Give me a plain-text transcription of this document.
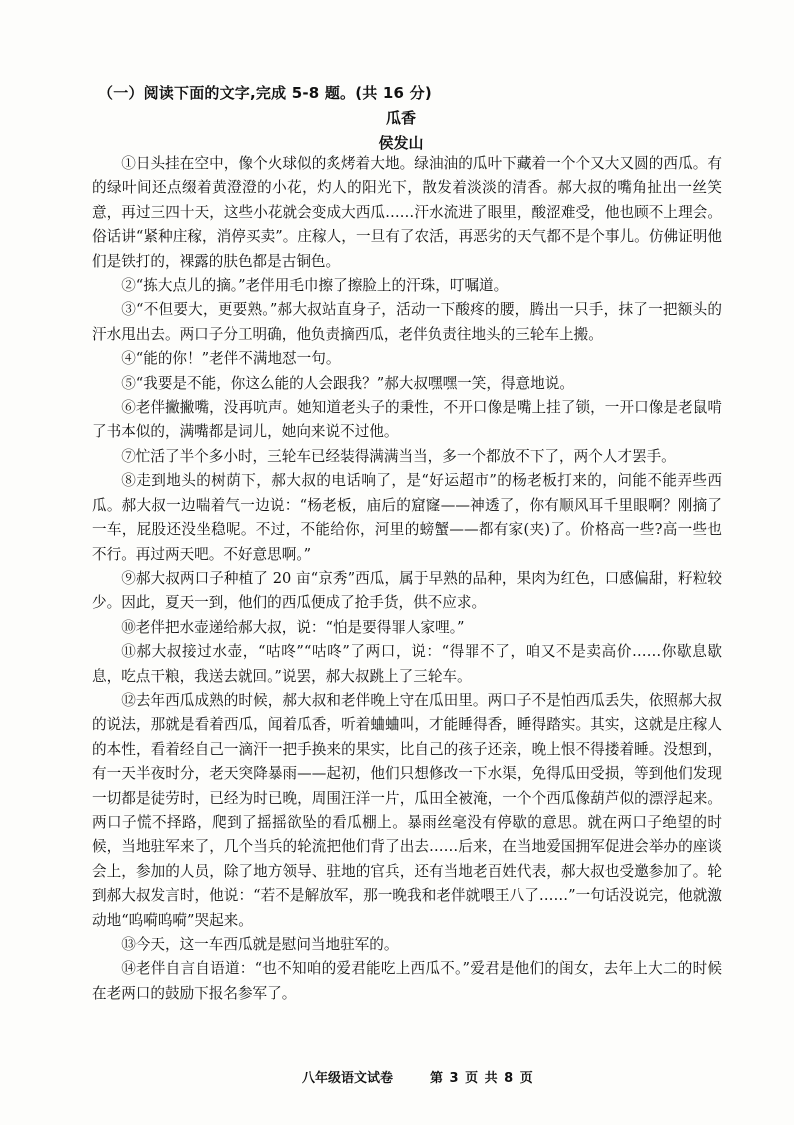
（一）阅读下面的文字,完成 5-8 题。(共 16 分)
瓜香
侯发山

①日头挂在空中，像个火球似的炙烤着大地。绿油油的瓜叶下藏着一个个又大又圆的西瓜。有的绿叶间还点缀着黄澄澄的小花，灼人的阳光下，散发着淡淡的清香。郝大叔的嘴角扯出一丝笑意，再过三四十天，这些小花就会变成大西瓜……汗水流进了眼里，酸涩难受，他也顾不上理会。俗话讲“紧种庄稼，消停买卖”。庄稼人，一旦有了农活，再恶劣的天气都不是个事儿。仿佛证明他们是铁打的，裸露的肤色都是古铜色。

②“拣大点儿的摘。”老伴用毛巾擦了擦脸上的汗珠，叮嘱道。

③“不但要大，更要熟。”郝大叔站直身子，活动一下酸疼的腰，腾出一只手，抹了一把额头的汗水甩出去。两口子分工明确，他负责摘西瓜，老伴负责往地头的三轮车上搬。

④“能的你！”老伴不满地怼一句。

⑤“我要是不能，你这么能的人会跟我？”郝大叔嘿嘿一笑，得意地说。

⑥老伴撇撇嘴，没再吭声。她知道老头子的秉性，不开口像是嘴上挂了锁，一开口像是老鼠啃了书本似的，满嘴都是词儿，她向来说不过他。

⑦忙活了半个多小时，三轮车已经装得满满当当，多一个都放不下了，两个人才罢手。

⑧走到地头的树荫下，郝大叔的电话响了，是“好运超市”的杨老板打来的，问能不能弄些西瓜。郝大叔一边喘着气一边说：“杨老板，庙后的窟窿——神透了，你有顺风耳千里眼啊？刚摘了一车，屁股还没坐稳呢。不过，不能给你，河里的螃蟹——都有家(夹)了。价格高一些?高一些也不行。再过两天吧。不好意思啊。”

⑨郝大叔两口子种植了 20 亩“京秀”西瓜，属于早熟的品种，果肉为红色，口感偏甜，籽粒较少。因此，夏天一到，他们的西瓜便成了抢手货，供不应求。

⑩老伴把水壶递给郝大叔，说：“怕是要得罪人家哩。”

⑪郝大叔接过水壶，“咕咚”“咕咚”了两口，说：“得罪不了，咱又不是卖高价……你歇息歇息，吃点干粮，我送去就回。”说罢，郝大叔跳上了三轮车。

⑫去年西瓜成熟的时候，郝大叔和老伴晚上守在瓜田里。两口子不是怕西瓜丢失，依照郝大叔的说法，那就是看着西瓜，闻着瓜香，听着蛐蛐叫，才能睡得香，睡得踏实。其实，这就是庄稼人的本性，看着经自己一滴汗一把手换来的果实，比自己的孩子还亲，晚上恨不得搂着睡。没想到，有一天半夜时分，老天突降暴雨——起初，他们只想修改一下水渠，免得瓜田受损，等到他们发现一切都是徒劳时，已经为时已晚，周围汪洋一片，瓜田全被淹，一个个西瓜像葫芦似的漂浮起来。两口子慌不择路，爬到了摇摇欲坠的看瓜棚上。暴雨丝毫没有停歇的意思。就在两口子绝望的时候，当地驻军来了，几个当兵的轮流把他们背了出去……后来，在当地爱国拥军促进会举办的座谈会上，参加的人员，除了地方领导、驻地的官兵，还有当地老百姓代表，郝大叔也受邀参加了。轮到郝大叔发言时，他说：“若不是解放军，那一晚我和老伴就喂王八了……”一句话没说完，他就激动地“呜嗬呜嗬”哭起来。

⑬今天，这一车西瓜就是慰问当地驻军的。

⑭老伴自言自语道：“也不知咱的爱君能吃上西瓜不。”爱君是他们的闺女，去年上大二的时候在老两口的鼓励下报名参军了。

八年级语文试卷	第 3 页 共 8 页
